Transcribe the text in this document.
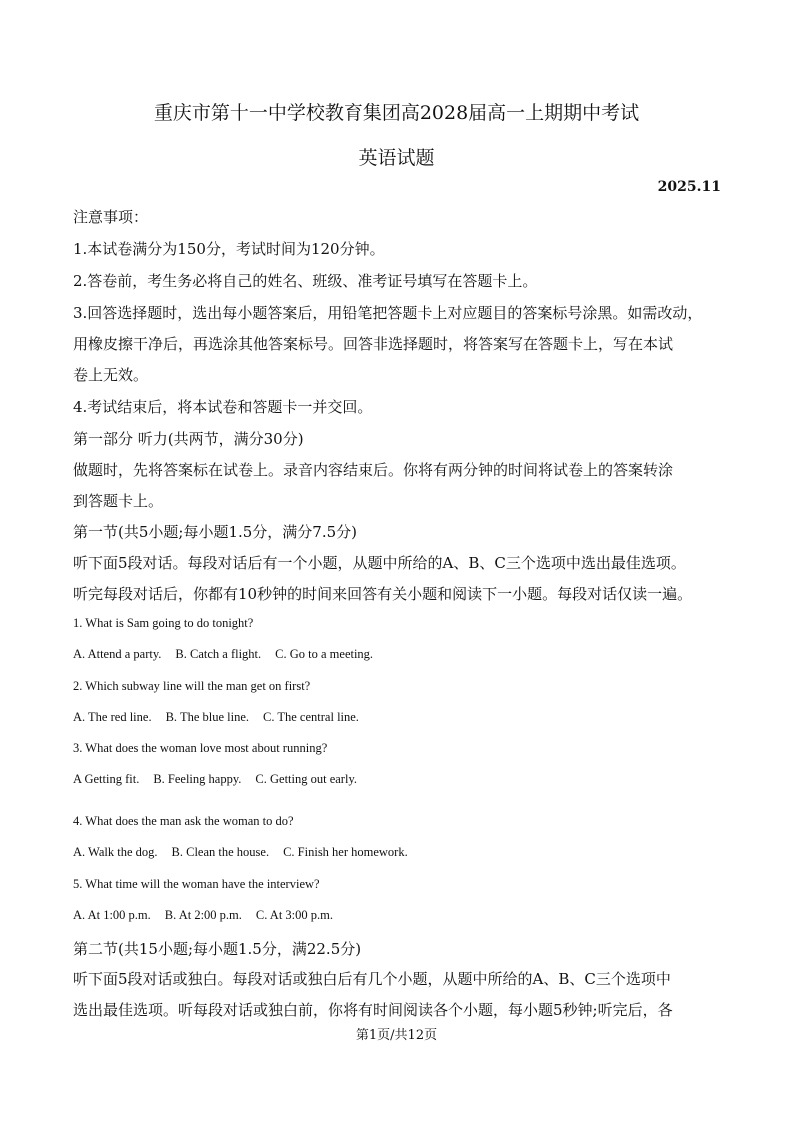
重庆市第十一中学校教育集团高2028届高一上期期中考试
英语试题
2025.11
注意事项：
1.本试卷满分为150分，考试时间为120分钟。
2.答卷前，考生务必将自己的姓名、班级、准考证号填写在答题卡上。
3.回答选择题时，选出每小题答案后，用铅笔把答题卡上对应题目的答案标号涂黑。如需改动，
用橡皮擦干净后，再选涂其他答案标号。回答非选择题时，将答案写在答题卡上，写在本试
卷上无效。
4.考试结束后，将本试卷和答题卡一并交回。
第一部分 听力(共两节，满分30分)
做题时，先将答案标在试卷上。录音内容结束后。你将有两分钟的时间将试卷上的答案转涂
到答题卡上。
第一节(共5小题;每小题1.5分，满分7.5分)
听下面5段对话。每段对话后有一个小题，从题中所给的A、B、C三个选项中选出最佳选项。
听完每段对话后，你都有10秒钟的时间来回答有关小题和阅读下一小题。每段对话仅读一遍。
1. What is Sam going to do tonight?
A. Attend a party. B. Catch a flight. C. Go to a meeting.
2. Which subway line will the man get on first?
A. The red line. B. The blue line. C. The central line.
3. What does the woman love most about running?
A Getting fit. B. Feeling happy. C. Getting out early.
4. What does the man ask the woman to do?
A. Walk the dog. B. Clean the house. C. Finish her homework.
5. What time will the woman have the interview?
A. At 1:00 p.m. B. At 2:00 p.m. C. At 3:00 p.m.
第二节(共15小题;每小题1.5分，满22.5分)
听下面5段对话或独白。每段对话或独白后有几个小题，从题中所给的A、B、C三个选项中
选出最佳选项。听每段对话或独白前，你将有时间阅读各个小题，每小题5秒钟;听完后，各
第1页/共12页
